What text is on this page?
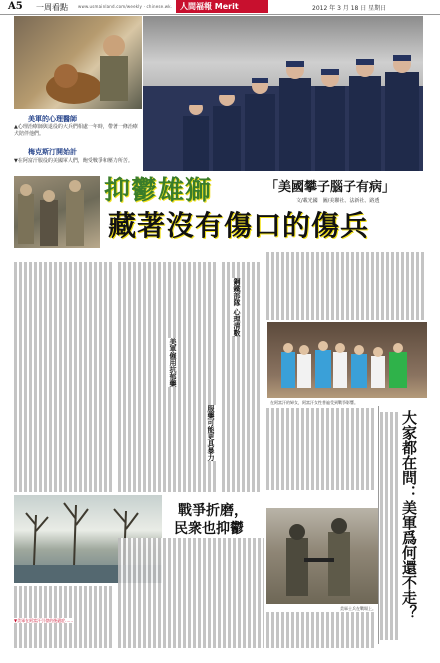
A5 一周看點	www.usmainland.com/weekly · chinese.wk. 人間福報 Merit	2012 年 3 月 18 日 星期日
美軍的心理醫師
▲心理治療師與退役的大兵們相處一年時，帶著一條治療犬陪伴他們。
梅克斯汀開始計
▼在阿富汗服役的美國軍人們，飽受戰爭和壓力所苦。
抑鬱雄獅	「美國攀子腦子有病」
文/載光國　圖/美聯社、法新社、路透
藏著沒有傷口的傷兵
鋼鐵部隊 心理清數
美軍僱用抗郁藥
服藥可能更具暴力
在阿富汗的婦女，阿富汗女性普遍受到戰爭影響。
大家都在問：美軍爲何還不走？
戰爭折磨，
民衆也抑鬱
美軍士兵在戰場上。
▼美軍在阿富汗引發的後遺症……
